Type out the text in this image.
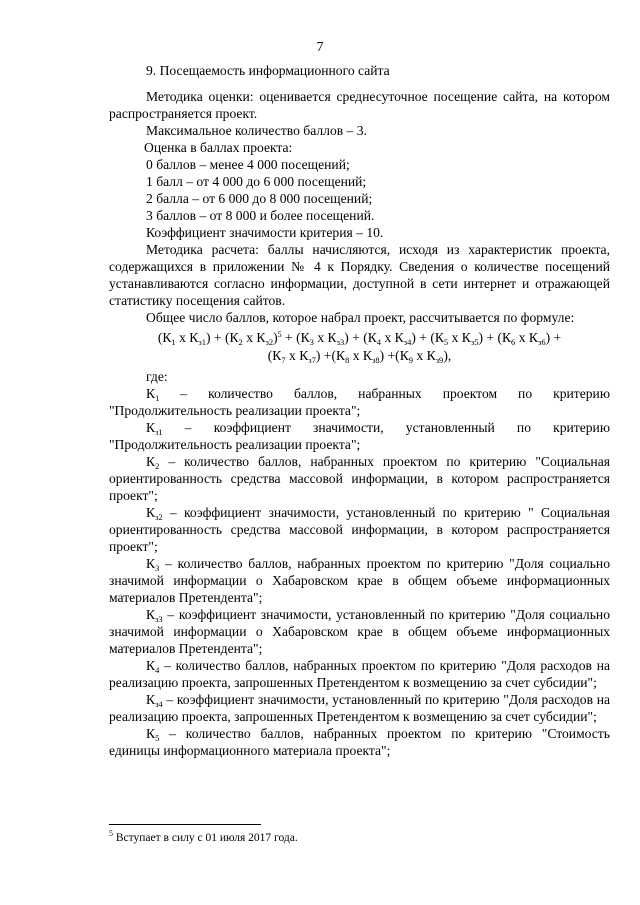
7

9. Посещаемость информационного сайта

Методика оценки: оценивается среднесуточное посещение сайта, на котором распространяется проект.

Максимальное количество баллов – 3.

Оценка в баллах проекта:

0 баллов – менее 4 000 посещений;

1 балл – от 4 000 до 6 000 посещений;

2 балла – от 6 000 до 8 000 посещений;

3 баллов – от 8 000 и более посещений.

Коэффициент значимости критерия – 10.

Методика расчета: баллы начисляются, исходя из характеристик проекта, содержащихся в приложении № 4 к Порядку. Сведения о количестве посещений устанавливаются согласно информации, доступной в сети интернет и отражающей статистику посещения сайтов.

Общее число баллов, которое набрал проект, рассчитывается по формуле:

($К_1$ х $К_{з1}) + (К_2$ х $К_{з2})^5 + (К_3$ х $К_{з3}) + (К_4$ х $К_{з4}) + (К_5$ х $К_{з5}) + (К_6$ х $К_{з6}$) +
($К_7$ х $К_{з7}) +(К_8$ х $К_{з8}) +(К_9$ х $К_{з9}$),

где:

$К_1$ – количество баллов, набранных проектом по критерию "Продолжительность реализации проекта";

$К_{з1}$ – коэффициент значимости, установленный по критерию "Продолжительность реализации проекта";

$К_2$ – количество баллов, набранных проектом по критерию "Социальная ориентированность средства массовой информации, в котором распространяется проект";

$К_{з2}$ – коэффициент значимости, установленный по критерию " Социальная ориентированность средства массовой информации, в котором распространяется проект";

$К_3$ – количество баллов, набранных проектом по критерию "Доля социально значимой информации о Хабаровском крае в общем объеме информационных материалов Претендента";

$К_{з3}$ – коэффициент значимости, установленный по критерию "Доля социально значимой информации о Хабаровском крае в общем объеме информационных материалов Претендента";

$К_4$ – количество баллов, набранных проектом по критерию "Доля расходов на реализацию проекта, запрошенных Претендентом к возмещению за счет субсидии";

$К_{з4}$ – коэффициент значимости, установленный по критерию "Доля расходов на реализацию проекта, запрошенных Претендентом к возмещению за счет субсидии";

$К_5$ – количество баллов, набранных проектом по критерию "Стоимость единицы информационного материала проекта";

$^5$ Вступает в силу с 01 июля 2017 года.
